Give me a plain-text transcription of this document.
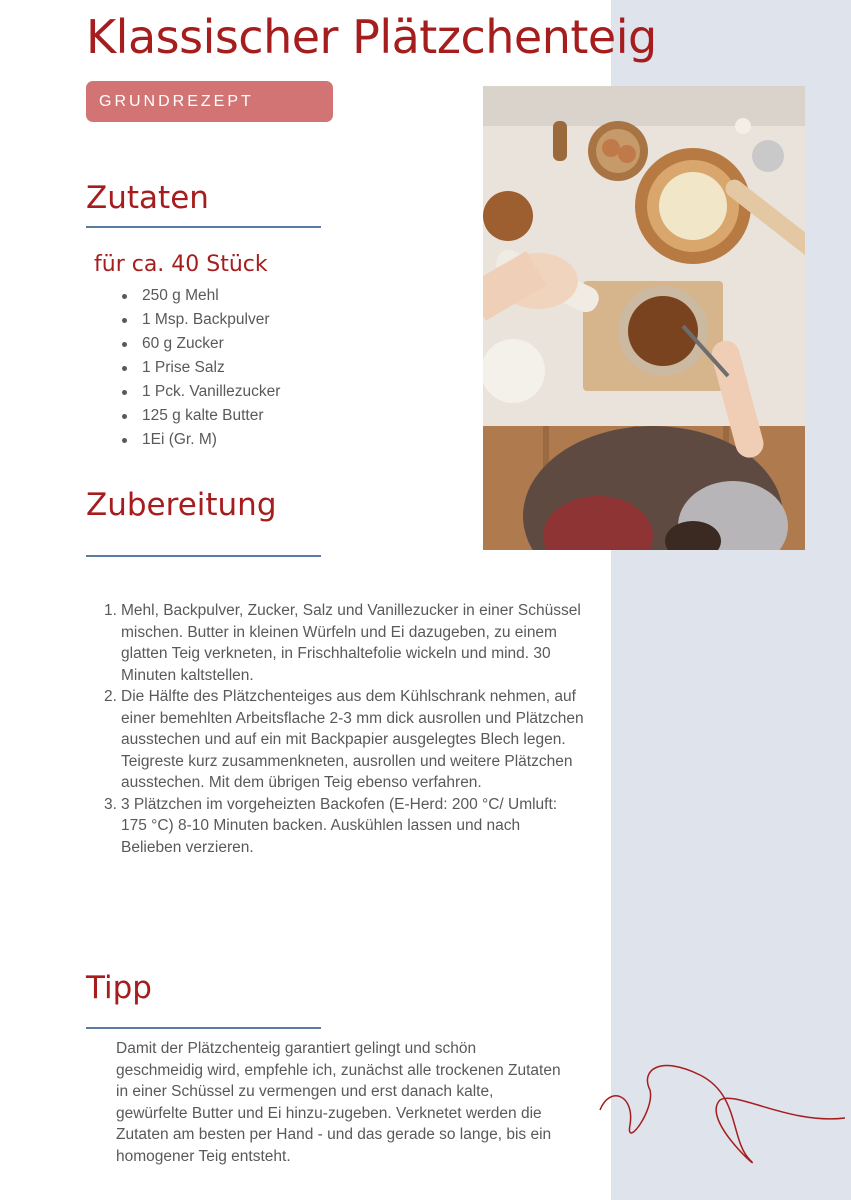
Klassischer Plätzchenteig
GRUNDREZEPT
Zutaten
für ca. 40 Stück
250 g Mehl
1 Msp. Backpulver
60 g Zucker
1 Prise Salz
1 Pck. Vanillezucker
125 g kalte Butter
1Ei (Gr. M)
Zubereitung
1. Mehl, Backpulver, Zucker, Salz und Vanillezucker in einer Schüssel mischen. Butter in kleinen Würfeln und Ei dazugeben, zu einem glatten Teig verkneten, in Frischhaltefolie wickeln und mind. 30 Minuten kaltstellen.
2. Die Hälfte des Plätzchenteiges aus dem Kühlschrank nehmen, auf einer bemehlten Arbeitsflache 2-3 mm dick ausrollen und Plätzchen ausstechen und auf ein mit Backpapier ausgelegtes Blech legen. Teigreste kurz zusammenkneten, ausrollen und weitere Plätzchen ausstechen. Mit dem übrigen Teig ebenso verfahren.
3. 3 Plätzchen im vorgeheizten Backofen (E-Herd: 200 °C/ Umluft: 175 °C) 8-10 Minuten backen. Auskühlen lassen und nach Belieben verzieren.
Tipp

Damit der Plätzchenteig garantiert gelingt und schön geschmeidig wird, empfehle ich, zunächst alle trockenen Zutaten in einer Schüssel zu vermengen und erst danach kalte, gewürfelte Butter und Ei hinzu-zugeben. Verknetet werden die Zutaten am besten per Hand - und das gerade so lange, bis ein homogener Teig entsteht.
